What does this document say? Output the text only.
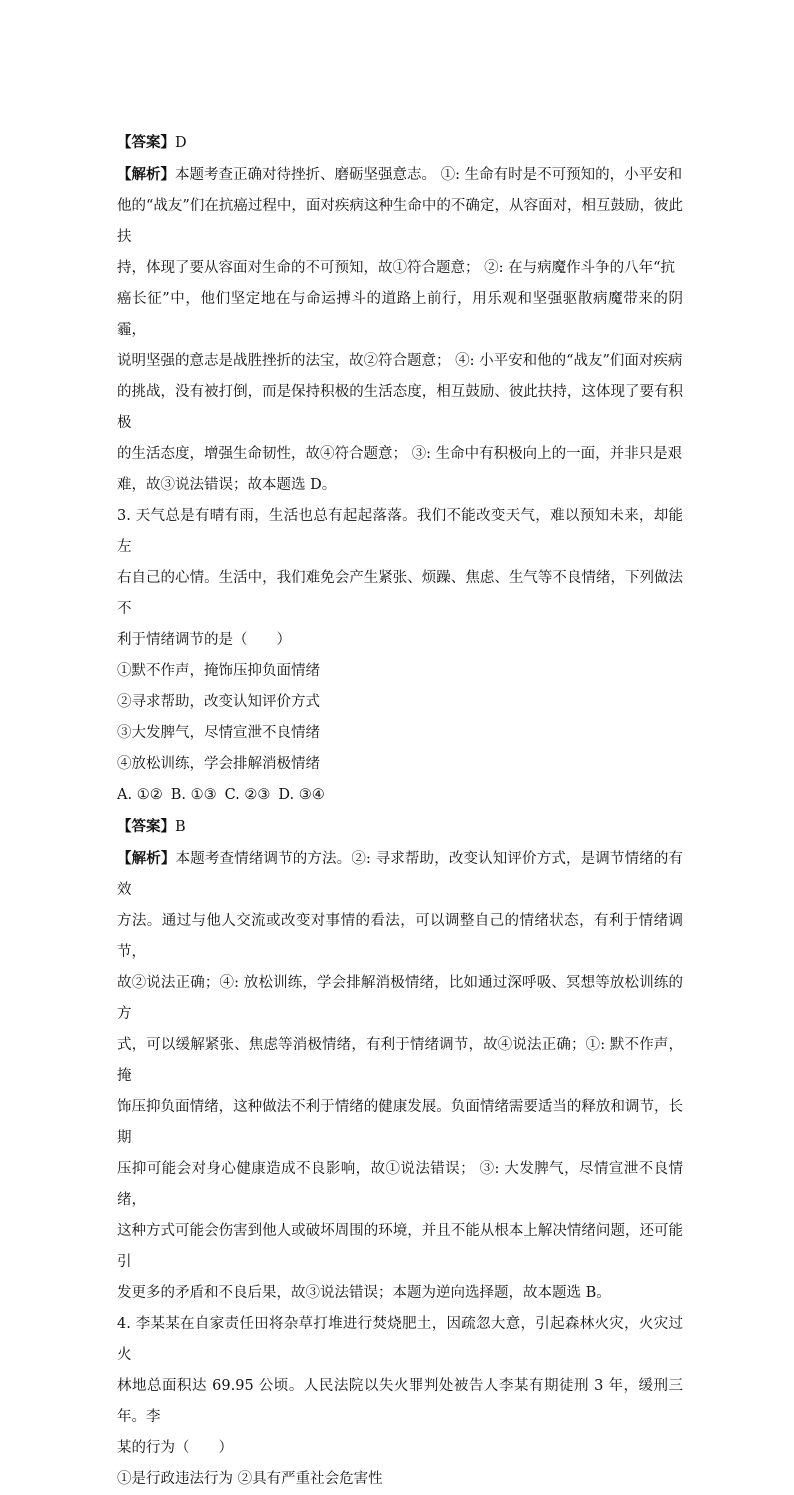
【答案】D

【解析】本题考查正确对待挫折、磨砺坚强意志。 ①: 生命有时是不可预知的，小平安和

他的“战友”们在抗癌过程中，面对疾病这种生命中的不确定，从容面对，相互鼓励，彼此扶

持，体现了要从容面对生命的不可预知，故①符合题意； ②: 在与病魔作斗争的八年“抗

癌长征”中，他们坚定地在与命运搏斗的道路上前行，用乐观和坚强驱散病魔带来的阴霾，

说明坚强的意志是战胜挫折的法宝，故②符合题意； ④: 小平安和他的“战友”们面对疾病

的挑战，没有被打倒，而是保持积极的生活态度，相互鼓励、彼此扶持，这体现了要有积极

的生活态度，增强生命韧性，故④符合题意； ③: 生命中有积极向上的一面，并非只是艰

难，故③说法错误；故本题选 D。

3. 天气总是有晴有雨，生活也总有起起落落。我们不能改变天气，难以预知未来，却能左

右自己的心情。生活中，我们难免会产生紧张、烦躁、焦虑、生气等不良情绪，下列做法不

利于情绪调节的是（　　）

①默不作声，掩饰压抑负面情绪

②寻求帮助，改变认知评价方式

③大发脾气，尽情宣泄不良情绪

④放松训练，学会排解消极情绪

A. ①② B. ①③ C. ②③ D. ③④

【答案】B

【解析】本题考查情绪调节的方法。②: 寻求帮助，改变认知评价方式，是调节情绪的有效

方法。通过与他人交流或改变对事情的看法，可以调整自己的情绪状态，有利于情绪调节，

故②说法正确；④: 放松训练，学会排解消极情绪，比如通过深呼吸、冥想等放松训练的方

式，可以缓解紧张、焦虑等消极情绪，有利于情绪调节，故④说法正确；①: 默不作声，掩

饰压抑负面情绪，这种做法不利于情绪的健康发展。负面情绪需要适当的释放和调节，长期

压抑可能会对身心健康造成不良影响，故①说法错误； ③: 大发脾气，尽情宣泄不良情绪，

这种方式可能会伤害到他人或破坏周围的环境，并且不能从根本上解决情绪问题，还可能引

发更多的矛盾和不良后果，故③说法错误；本题为逆向选择题，故本题选 B。

4. 李某某在自家责任田将杂草打堆进行焚烧肥土，因疏忽大意，引起森林火灾，火灾过火

林地总面积达 69.95 公顷。人民法院以失火罪判处被告人李某有期徒刑 3 年，缓刑三年。李

某的行为（　　）

①是行政违法行为 ②具有严重社会危害性
